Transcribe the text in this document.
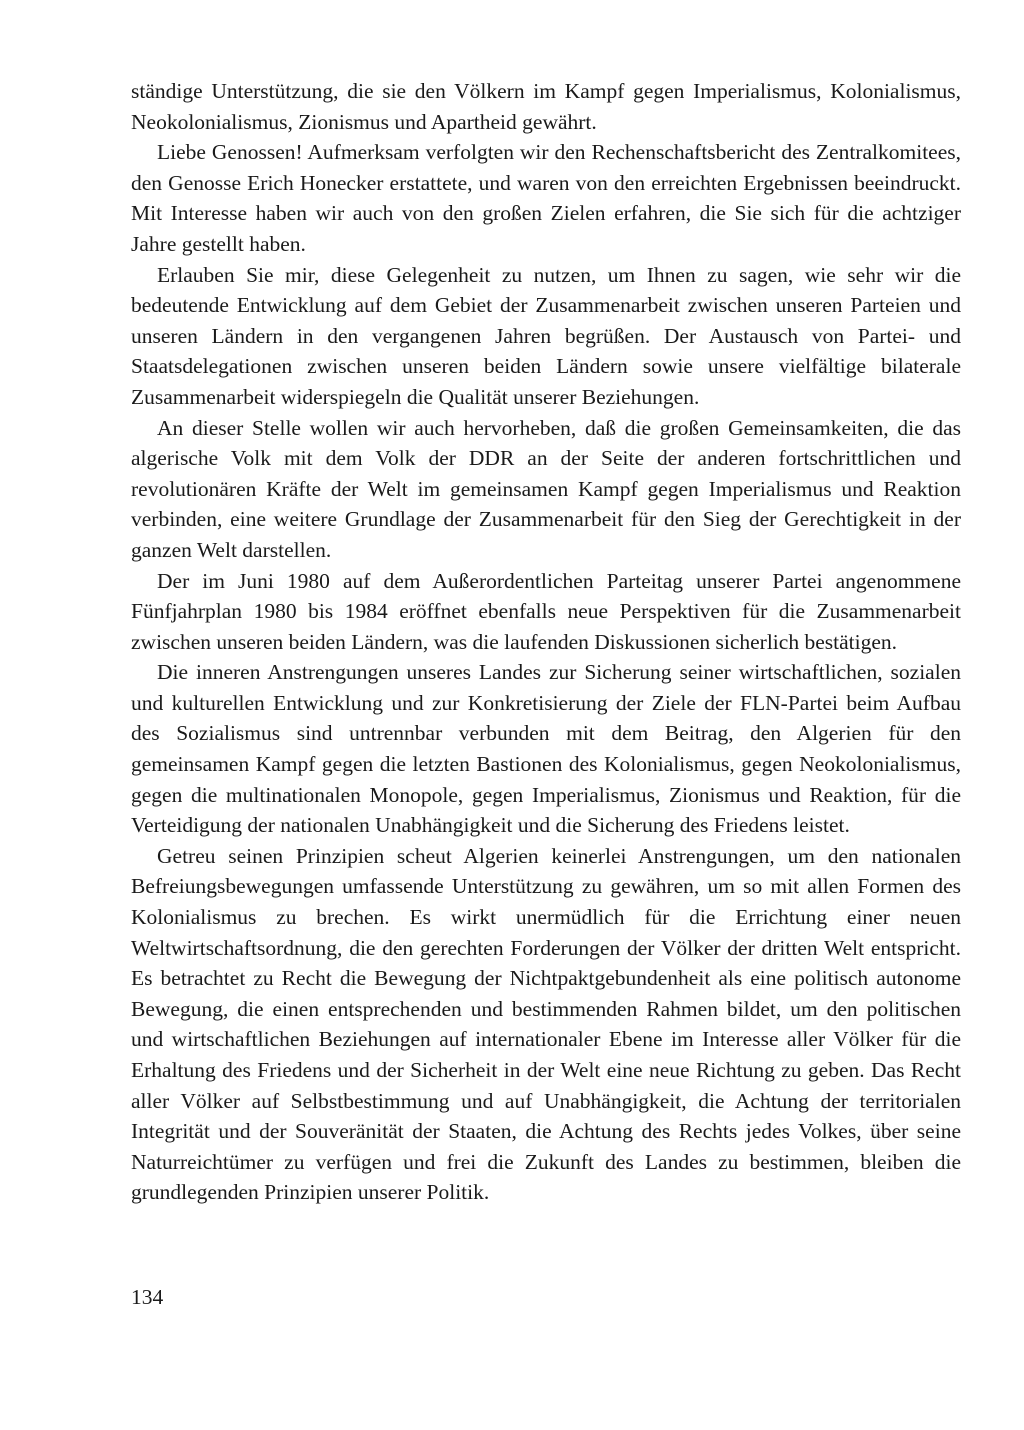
ständige Unterstützung, die sie den Völkern im Kampf gegen Imperialismus, Kolonialismus, Neokolonialismus, Zionismus und Apartheid gewährt.

Liebe Genossen! Aufmerksam verfolgten wir den Rechenschaftsbericht des Zentralkomitees, den Genosse Erich Honecker erstattete, und waren von den erreichten Ergebnissen beeindruckt. Mit Interesse haben wir auch von den großen Zielen erfahren, die Sie sich für die achtziger Jahre gestellt haben.

Erlauben Sie mir, diese Gelegenheit zu nutzen, um Ihnen zu sagen, wie sehr wir die bedeutende Entwicklung auf dem Gebiet der Zusammenarbeit zwischen unseren Parteien und unseren Ländern in den vergangenen Jahren begrüßen. Der Austausch von Partei- und Staatsdelegationen zwischen unseren beiden Ländern sowie unsere vielfältige bilaterale Zusammenarbeit widerspiegeln die Qualität unserer Beziehungen.

An dieser Stelle wollen wir auch hervorheben, daß die großen Gemeinsamkeiten, die das algerische Volk mit dem Volk der DDR an der Seite der anderen fortschrittlichen und revolutionären Kräfte der Welt im gemeinsamen Kampf gegen Imperialismus und Reaktion verbinden, eine weitere Grundlage der Zusammenarbeit für den Sieg der Gerechtigkeit in der ganzen Welt darstellen.

Der im Juni 1980 auf dem Außerordentlichen Parteitag unserer Partei angenommene Fünfjahrplan 1980 bis 1984 eröffnet ebenfalls neue Perspektiven für die Zusammenarbeit zwischen unseren beiden Ländern, was die laufenden Diskussionen sicherlich bestätigen.

Die inneren Anstrengungen unseres Landes zur Sicherung seiner wirtschaftlichen, sozialen und kulturellen Entwicklung und zur Konkretisierung der Ziele der FLN-Partei beim Aufbau des Sozialismus sind untrennbar verbunden mit dem Beitrag, den Algerien für den gemeinsamen Kampf gegen die letzten Bastionen des Kolonialismus, gegen Neokolonialismus, gegen die multinationalen Monopole, gegen Imperialismus, Zionismus und Reaktion, für die Verteidigung der nationalen Unabhängigkeit und die Sicherung des Friedens leistet.

Getreu seinen Prinzipien scheut Algerien keinerlei Anstrengungen, um den nationalen Befreiungsbewegungen umfassende Unterstützung zu gewähren, um so mit allen Formen des Kolonialismus zu brechen. Es wirkt unermüdlich für die Errichtung einer neuen Weltwirtschaftsordnung, die den gerechten Forderungen der Völker der dritten Welt entspricht. Es betrachtet zu Recht die Bewegung der Nichtpaktgebundenheit als eine politisch autonome Bewegung, die einen entsprechenden und bestimmenden Rahmen bildet, um den politischen und wirtschaftlichen Beziehungen auf internationaler Ebene im Interesse aller Völker für die Erhaltung des Friedens und der Sicherheit in der Welt eine neue Richtung zu geben. Das Recht aller Völker auf Selbstbestimmung und auf Unabhängigkeit, die Achtung der territorialen Integrität und der Souveränität der Staaten, die Achtung des Rechts jedes Volkes, über seine Naturreichtümer zu verfügen und frei die Zukunft des Landes zu bestimmen, bleiben die grundlegenden Prinzipien unserer Politik.

134
